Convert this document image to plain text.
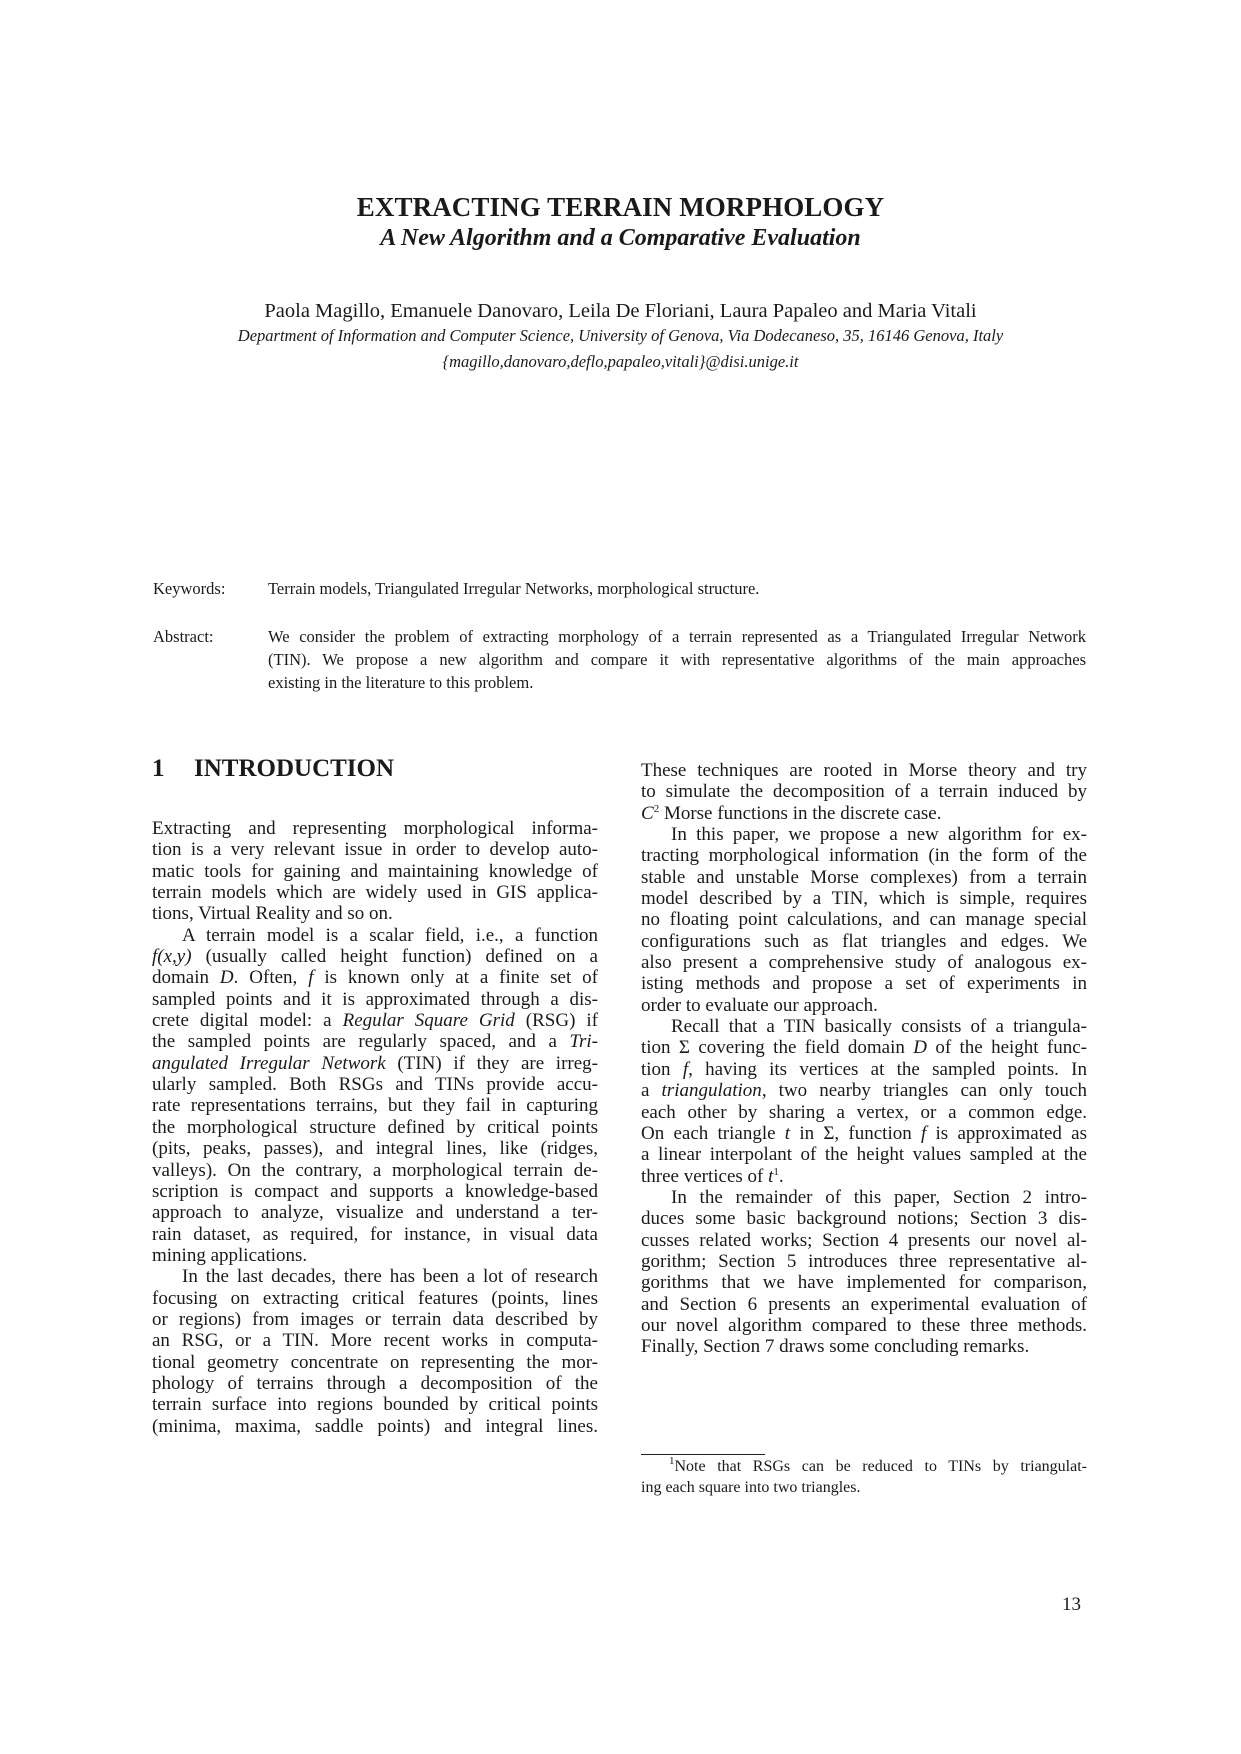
EXTRACTING TERRAIN MORPHOLOGY
A New Algorithm and a Comparative Evaluation
Paola Magillo, Emanuele Danovaro, Leila De Floriani, Laura Papaleo and Maria Vitali
Department of Information and Computer Science, University of Genova, Via Dodecaneso, 35, 16146 Genova, Italy
{magillo,danovaro,deflo,papaleo,vitali}@disi.unige.it
Keywords:	Terrain models, Triangulated Irregular Networks, morphological structure.
Abstract:	We consider the problem of extracting morphology of a terrain represented as a Triangulated Irregular Network
(TIN). We propose a new algorithm and compare it with representative algorithms of the main approaches
existing in the literature to this problem.
1 INTRODUCTION
Extracting and representing morphological informa-
tion is a very relevant issue in order to develop auto-
matic tools for gaining and maintaining knowledge of
terrain models which are widely used in GIS applica-
tions, Virtual Reality and so on.
A terrain model is a scalar field, i.e., a function
f(x,y) (usually called height function) defined on a
domain D. Often, f is known only at a finite set of
sampled points and it is approximated through a dis-
crete digital model: a Regular Square Grid (RSG) if
the sampled points are regularly spaced, and a Tri-
angulated Irregular Network (TIN) if they are irreg-
ularly sampled. Both RSGs and TINs provide accu-
rate representations terrains, but they fail in capturing
the morphological structure defined by critical points
(pits, peaks, passes), and integral lines, like (ridges,
valleys). On the contrary, a morphological terrain de-
scription is compact and supports a knowledge-based
approach to analyze, visualize and understand a ter-
rain dataset, as required, for instance, in visual data
mining applications.
In the last decades, there has been a lot of research
focusing on extracting critical features (points, lines
or regions) from images or terrain data described by
an RSG, or a TIN. More recent works in computa-
tional geometry concentrate on representing the mor-
phology of terrains through a decomposition of the
terrain surface into regions bounded by critical points
(minima, maxima, saddle points) and integral lines.
These techniques are rooted in Morse theory and try
to simulate the decomposition of a terrain induced by
$C^2$ Morse functions in the discrete case.
In this paper, we propose a new algorithm for ex-
tracting morphological information (in the form of the
stable and unstable Morse complexes) from a terrain
model described by a TIN, which is simple, requires
no floating point calculations, and can manage special
configurations such as flat triangles and edges. We
also present a comprehensive study of analogous ex-
isting methods and propose a set of experiments in
order to evaluate our approach.
Recall that a TIN basically consists of a triangula-
tion Σ covering the field domain D of the height func-
tion f, having its vertices at the sampled points. In
a triangulation, two nearby triangles can only touch
each other by sharing a vertex, or a common edge.
On each triangle t in Σ, function f is approximated as
a linear interpolant of the height values sampled at the
three vertices of $t^1$.
In the remainder of this paper, Section 2 intro-
duces some basic background notions; Section 3 dis-
cusses related works; Section 4 presents our novel al-
gorithm; Section 5 introduces three representative al-
gorithms that we have implemented for comparison,
and Section 6 presents an experimental evaluation of
our novel algorithm compared to these three methods.
Finally, Section 7 draws some concluding remarks.
$^1$Note that RSGs can be reduced to TINs by triangulat-
ing each square into two triangles.
13
